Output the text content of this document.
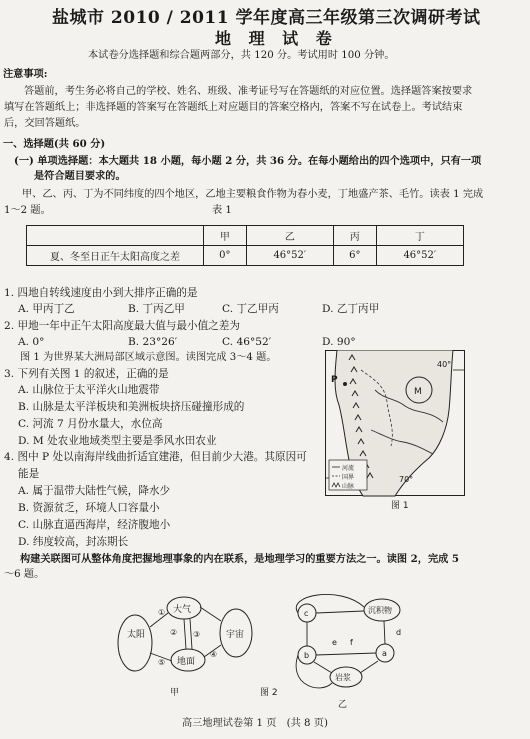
盐城市 2010 / 2011 学年度高三年级第三次调研考试
地 理 试 卷
本试卷分选择题和综合题两部分，共 120 分。考试用时 100 分钟。
注意事项:
答题前，考生务必将自己的学校、姓名、班级、准考证号写在答题纸的对应位置。选择题答案按要求
填写在答题纸上；非选择题的答案写在答题纸上对应题目的答案空格内，答案不写在试卷上。考试结束
后，交回答题纸。
一、选择题(共 60 分)
(一) 单项选择题：本大题共 18 小题，每小题 2 分，共 36 分。在每小题给出的四个选项中，只有一项
是符合题目要求的。
甲、乙、丙、丁为不同纬度的四个地区，乙地主要粮食作物为春小麦，丁地盛产茶、毛竹。读表 1 完成
1～2 题。	表 1
	甲	乙	丙	丁
夏、冬至日正午太阳高度之差	0°	46°52′	6°	46°52′
1. 四地自转线速度由小到大排序正确的是
A. 甲丙丁乙	B. 丁丙乙甲	C. 丁乙甲丙	D. 乙丁丙甲
2. 甲地一年中正午太阳高度最大值与最小值之差为
A. 0°	B. 23°26′	C. 46°52′	D. 90°
图 1 为世界某大洲局部区域示意图。读图完成 3～4 题。
3. 下列有关图 1 的叙述，正确的是
A. 山脉位于太平洋火山地震带
B. 山脉是太平洋板块和美洲板块挤压碰撞形成的
C. 河流 7 月份水量大，水位高
D. M 处农业地域类型主要是季风水田农业
4. 图中 P 处以南海岸线曲折适宜建港，但目前少大港。其原因可
能是
A. 属于温带大陆性气候，降水少
B. 资源贫乏，环境人口容量小
C. 山脉直逼西海岸，经济腹地小
D. 纬度较高，封冻期长
M
P
40°
70°
河流
国界
山脉
图 1
构建关联图可从整体角度把握地理事象的内在联系，是地理学习的重要方法之一。读图 2，完成 5
～6 题。
太阳
大气
地面
宇宙
①
② ③
④
⑤
甲	图 2
c
b
沉积物
a
岩浆
e f
d
乙
高三地理试卷第 1 页　(共 8 页)
